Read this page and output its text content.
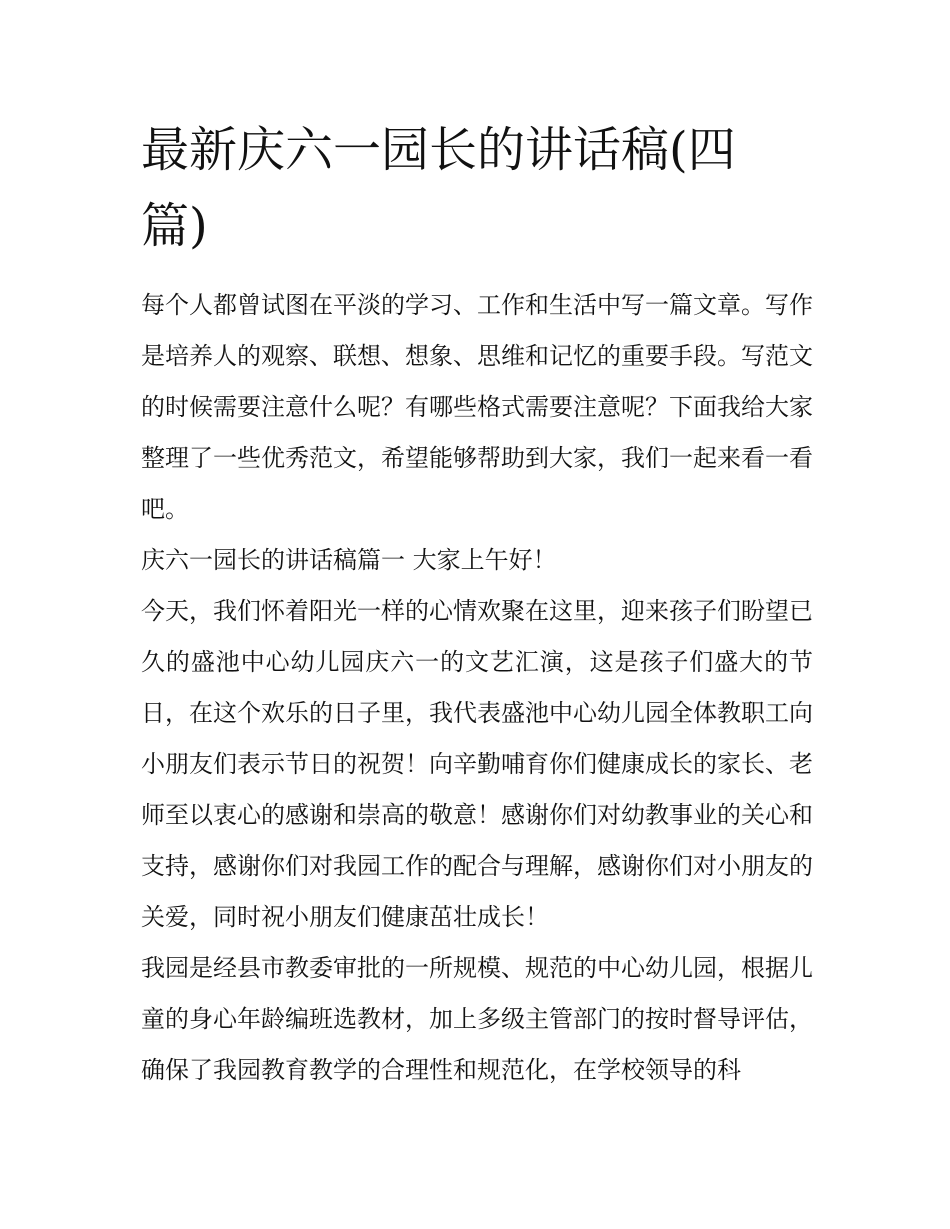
最新庆六一园长的讲话稿(四篇)

每个人都曾试图在平淡的学习、工作和生活中写一篇文章。写作是培养人的观察、联想、想象、思维和记忆的重要手段。写范文的时候需要注意什么呢？有哪些格式需要注意呢？下面我给大家整理了一些优秀范文，希望能够帮助到大家，我们一起来看一看吧。

庆六一园长的讲话稿篇一 大家上午好！

今天，我们怀着阳光一样的心情欢聚在这里，迎来孩子们盼望已久的盛池中心幼儿园庆六一的文艺汇演，这是孩子们盛大的节日，在这个欢乐的日子里，我代表盛池中心幼儿园全体教职工向小朋友们表示节日的祝贺！向辛勤哺育你们健康成长的家长、老师至以衷心的感谢和崇高的敬意！感谢你们对幼教事业的关心和支持，感谢你们对我园工作的配合与理解，感谢你们对小朋友的关爱，同时祝小朋友们健康茁壮成长！

我园是经县市教委审批的一所规模、规范的中心幼儿园，根据儿童的身心年龄编班选教材，加上多级主管部门的按时督导评估，确保了我园教育教学的合理性和规范化，在学校领导的科
